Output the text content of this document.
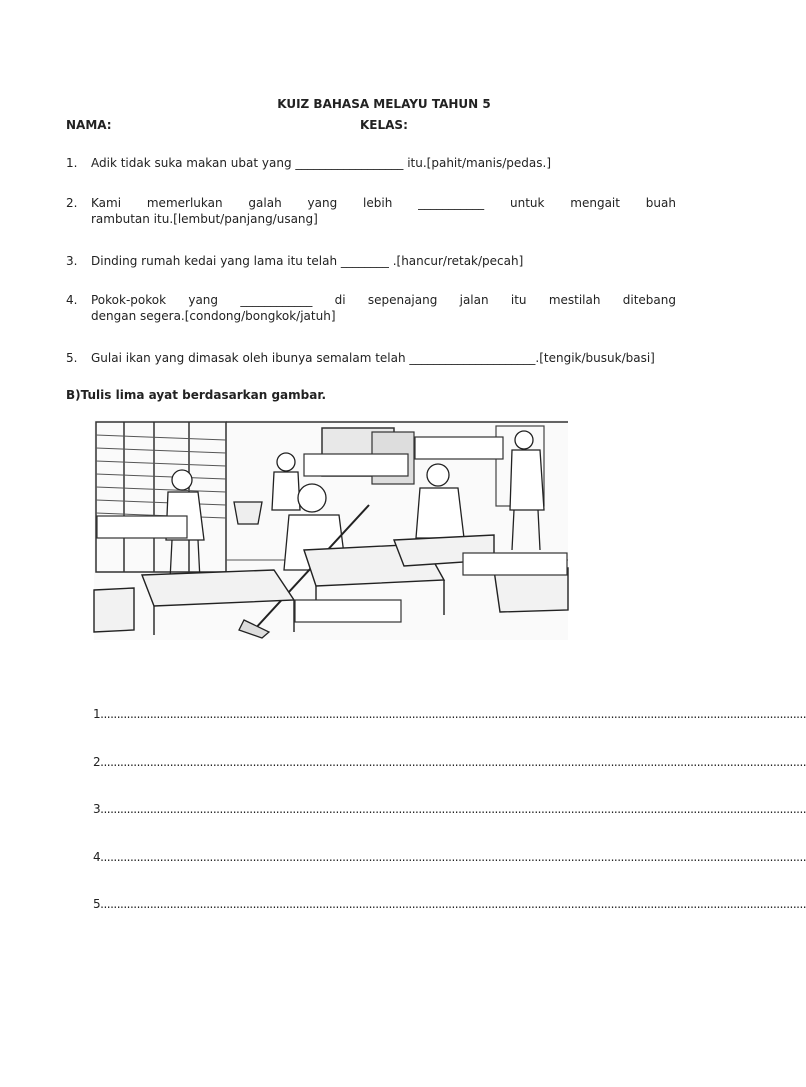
KUIZ BAHASA MELAYU TAHUN 5
NAMA:	KELAS:
1. Adik tidak suka makan ubat yang __________________ itu.[pahit/manis/pedas.]
2. Kami memerlukan galah yang lebih ___________ untuk mengait buah
rambutan itu.[lembut/panjang/usang]
3. Dinding rumah kedai yang lama itu telah ________ .[hancur/retak/pecah]
4. Pokok-pokok yang ____________ di sepenajang jalan itu mestilah ditebang
dengan segera.[condong/bongkok/jatuh]
5. Gulai ikan yang dimasak oleh ibunya semalam telah _____________________.[tengik/busuk/basi]
B)Tulis lima ayat berdasarkan gambar.
1.....................................................................................................................................................................................................................
2.....................................................................................................................................................................................................................
3.....................................................................................................................................................................................................................
4.....................................................................................................................................................................................................................
5.....................................................................................................................................................................................................................
